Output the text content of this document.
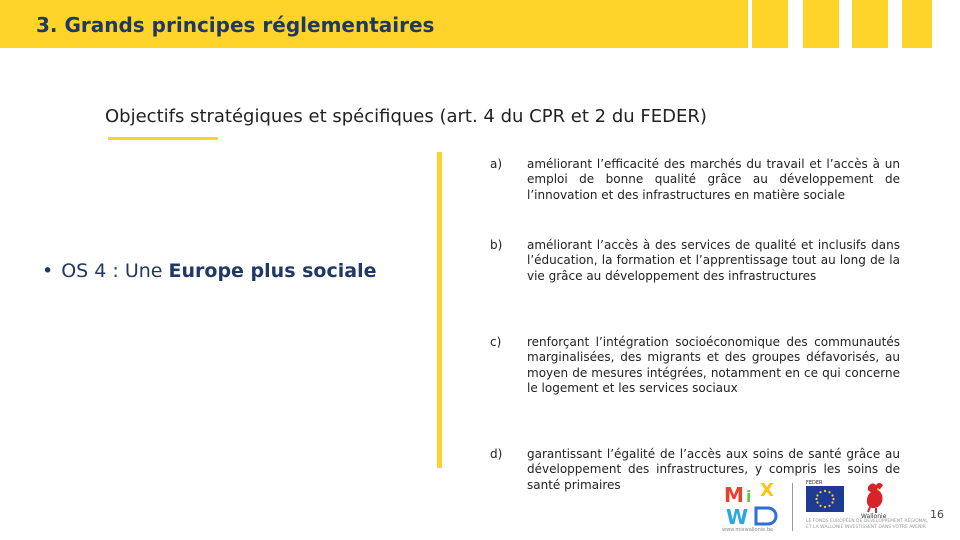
3. Grands principes réglementaires
Objectifs stratégiques et spécifiques (art. 4 du CPR et 2 du FEDER)
• OS 4 : Une Europe plus sociale
a)	améliorant l’efficacité des marchés du travail et l’accès à un emploi de bonne qualité grâce au développement de l’innovation et des infrastructures en matière sociale
b)	améliorant l’accès à des services de qualité et inclusifs dans l’éducation, la formation et l’apprentissage tout au long de la vie grâce au développement des infrastructures
c)	renforçant l’intégration socioéconomique des communautés marginalisées, des migrants et des groupes défavorisés, au moyen de mesures intégrées, notamment en ce qui concerne le logement et les services sociaux
d)	garantissant l’égalité de l’accès aux soins de santé grâce au développement des infrastructures, y compris les soins de santé primaires	M i X
W
www.mixwallonie.be
FEDER
Wallonie
LE FONDS EUROPÉEN DE DÉVELOPPEMENT RÉGIONAL
ET LA WALLONIE INVESTISSENT DANS VOTRE AVENIR
16
